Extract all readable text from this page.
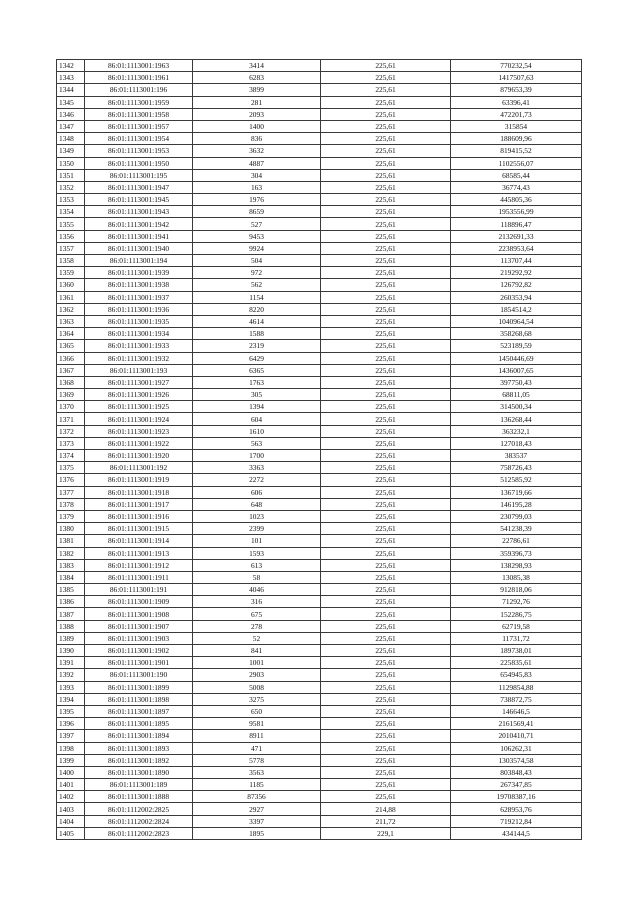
1342	86:01:1113001:1963	3414	225,61	770232,54
1343	86:01:1113001:1961	6283	225,61	1417507,63
1344	86:01:1113001:196	3899	225,61	879653,39
1345	86:01:1113001:1959	281	225,61	63396,41
1346	86:01:1113001:1958	2093	225,61	472201,73
1347	86:01:1113001:1957	1400	225,61	315854
1348	86:01:1113001:1954	836	225,61	188609,96
1349	86:01:1113001:1953	3632	225,61	819415,52
1350	86:01:1113001:1950	4887	225,61	1102556,07
1351	86:01:1113001:195	304	225,61	68585,44
1352	86:01:1113001:1947	163	225,61	36774,43
1353	86:01:1113001:1945	1976	225,61	445805,36
1354	86:01:1113001:1943	8659	225,61	1953556,99
1355	86:01:1113001:1942	527	225,61	118896,47
1356	86:01:1113001:1941	9453	225,61	2132691,33
1357	86:01:1113001:1940	9924	225,61	2238953,64
1358	86:01:1113001:194	504	225,61	113707,44
1359	86:01:1113001:1939	972	225,61	219292,92
1360	86:01:1113001:1938	562	225,61	126792,82
1361	86:01:1113001:1937	1154	225,61	260353,94
1362	86:01:1113001:1936	8220	225,61	1854514,2
1363	86:01:1113001:1935	4614	225,61	1040964,54
1364	86:01:1113001:1934	1588	225,61	358268,68
1365	86:01:1113001:1933	2319	225,61	523189,59
1366	86:01:1113001:1932	6429	225,61	1450446,69
1367	86:01:1113001:193	6365	225,61	1436007,65
1368	86:01:1113001:1927	1763	225,61	397750,43
1369	86:01:1113001:1926	305	225,61	68811,05
1370	86:01:1113001:1925	1394	225,61	314500,34
1371	86:01:1113001:1924	604	225,61	136268,44
1372	86:01:1113001:1923	1610	225,61	363232,1
1373	86:01:1113001:1922	563	225,61	127018,43
1374	86:01:1113001:1920	1700	225,61	383537
1375	86:01:1113001:192	3363	225,61	758726,43
1376	86:01:1113001:1919	2272	225,61	512585,92
1377	86:01:1113001:1918	606	225,61	136719,66
1378	86:01:1113001:1917	648	225,61	146195,28
1379	86:01:1113001:1916	1023	225,61	230799,03
1380	86:01:1113001:1915	2399	225,61	541238,39
1381	86:01:1113001:1914	101	225,61	22786,61
1382	86:01:1113001:1913	1593	225,61	359396,73
1383	86:01:1113001:1912	613	225,61	138298,93
1384	86:01:1113001:1911	58	225,61	13085,38
1385	86:01:1113001:191	4046	225,61	912818,06
1386	86:01:1113001:1909	316	225,61	71292,76
1387	86:01:1113001:1908	675	225,61	152286,75
1388	86:01:1113001:1907	278	225,61	62719,58
1389	86:01:1113001:1903	52	225,61	11731,72
1390	86:01:1113001:1902	841	225,61	189738,01
1391	86:01:1113001:1901	1001	225,61	225835,61
1392	86:01:1113001:190	2903	225,61	654945,83
1393	86:01:1113001:1899	5008	225,61	1129854,88
1394	86:01:1113001:1898	3275	225,61	738872,75
1395	86:01:1113001:1897	650	225,61	146646,5
1396	86:01:1113001:1895	9581	225,61	2161569,41
1397	86:01:1113001:1894	8911	225,61	2010410,71
1398	86:01:1113001:1893	471	225,61	106262,31
1399	86:01:1113001:1892	5778	225,61	1303574,58
1400	86:01:1113001:1890	3563	225,61	803848,43
1401	86:01:1113001:189	1185	225,61	267347,85
1402	86:01:1113001:1888	87356	225,61	19708387,16
1403	86:01:1112002:2825	2927	214,88	628953,76
1404	86:01:1112002:2824	3397	211,72	719212,84
1405	86:01:1112002:2823	1895	229,1	434144,5
